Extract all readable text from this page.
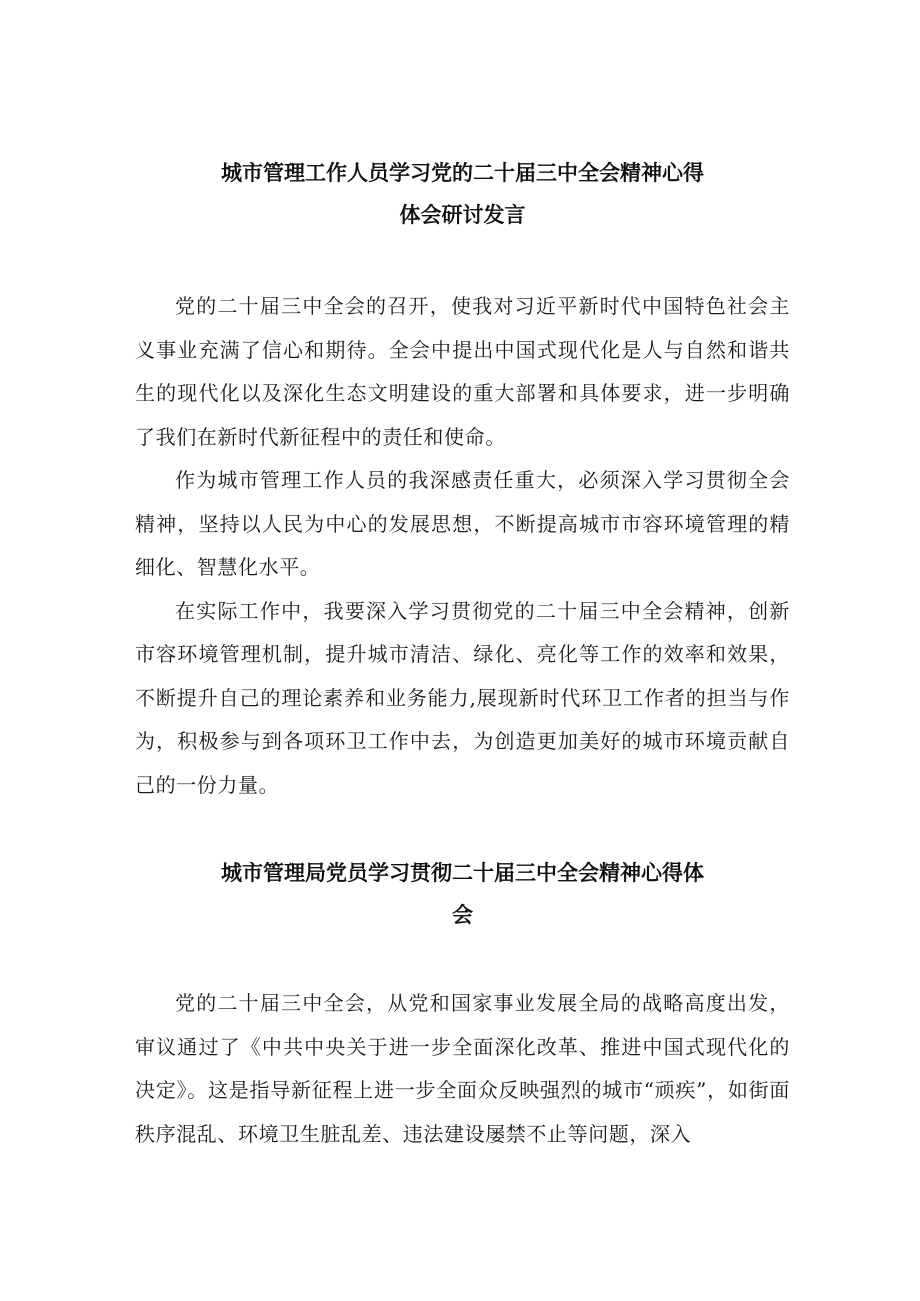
城市管理工作人员学习党的二十届三中全会精神心得
体会研讨发言

党的二十届三中全会的召开，使我对习近平新时代中国特色社会主义事业充满了信心和期待。全会中提出中国式现代化是人与自然和谐共生的现代化以及深化生态文明建设的重大部署和具体要求，进一步明确了我们在新时代新征程中的责任和使命。

作为城市管理工作人员的我深感责任重大，必须深入学习贯彻全会精神，坚持以人民为中心的发展思想，不断提高城市市容环境管理的精细化、智慧化水平。

在实际工作中，我要深入学习贯彻党的二十届三中全会精神，创新市容环境管理机制，提升城市清洁、绿化、亮化等工作的效率和效果，不断提升自己的理论素养和业务能力,展现新时代环卫工作者的担当与作为，积极参与到各项环卫工作中去，为创造更加美好的城市环境贡献自己的一份力量。

城市管理局党员学习贯彻二十届三中全会精神心得体
会

党的二十届三中全会，从党和国家事业发展全局的战略高度出发，审议通过了《中共中央关于进一步全面深化改革、推进中国式现代化的决定》。这是指导新征程上进一步全面众反映强烈的城市“顽疾”，如街面秩序混乱、环境卫生脏乱差、违法建设屡禁不止等问题，深入
